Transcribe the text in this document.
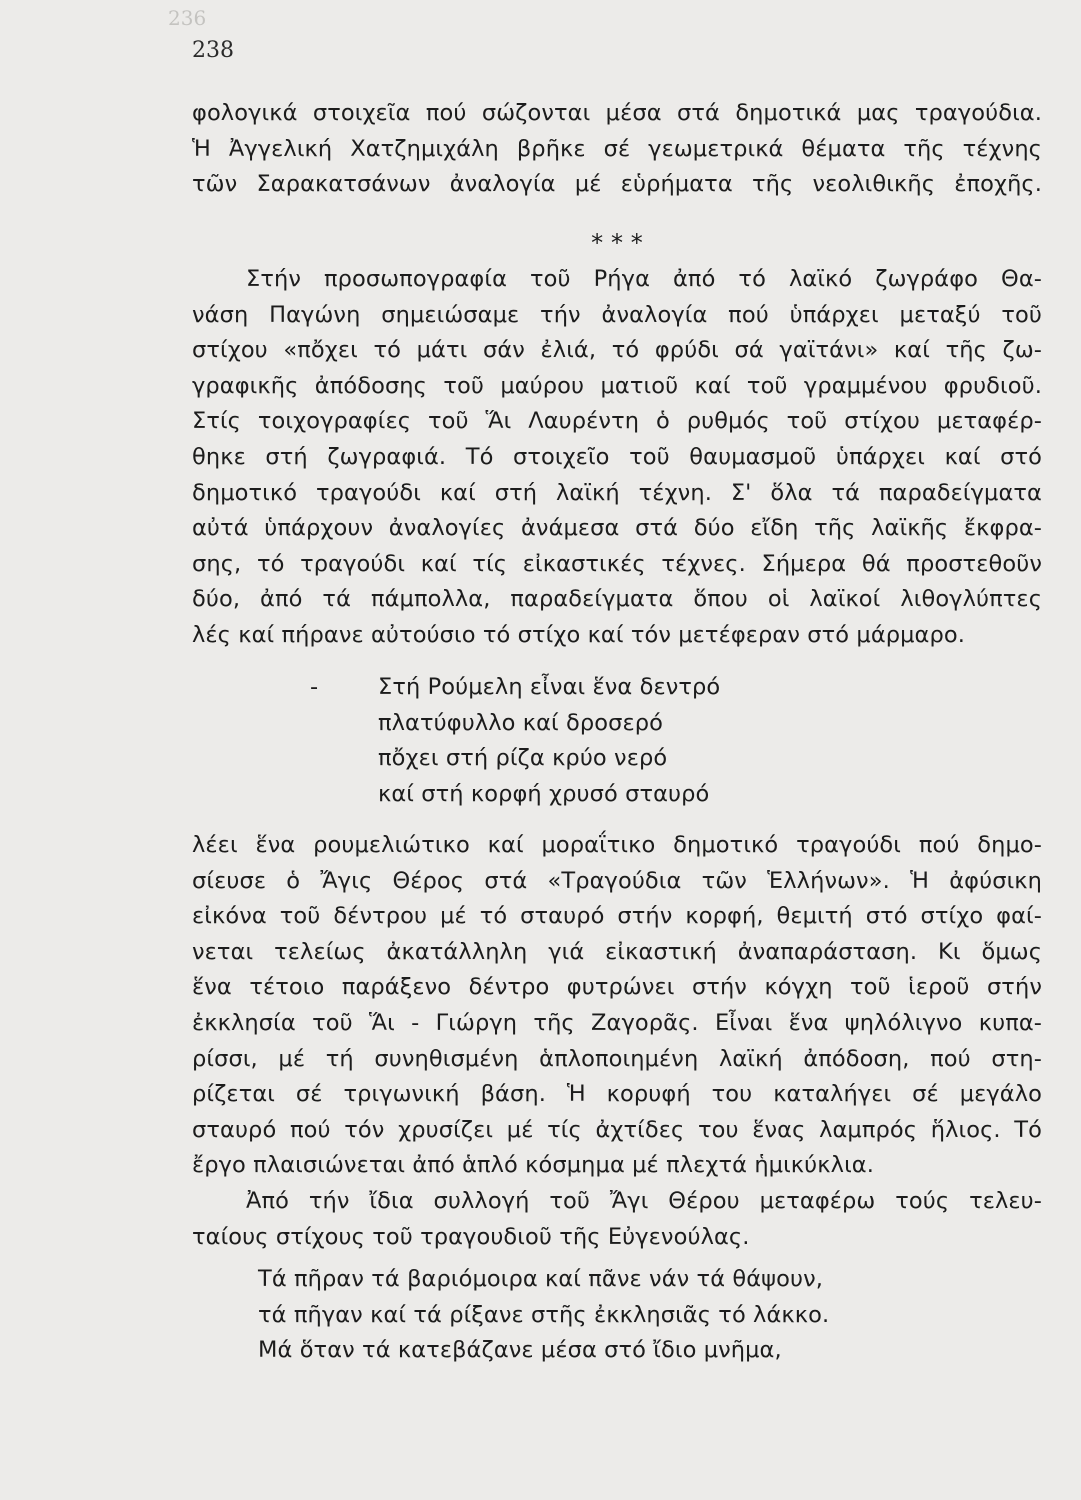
236
238
φολογικά στοιχεῖα πού σώζονται μέσα στά δημοτικά μας τραγούδια.
Ἡ Ἀγγελική Χατζημιχάλη βρῆκε σέ γεωμετρικά θέματα τῆς τέχνης
τῶν Σαρακατσάνων ἀναλογία μέ εὑρήματα τῆς νεολιθικῆς ἐποχῆς.
* * *
Στήν προσωπογραφία τοῦ Ρήγα ἀπό τό λαϊκό ζωγράφο Θα-
νάση Παγώνη σημειώσαμε τήν ἀναλογία πού ὑπάρχει μεταξύ τοῦ
στίχου «πὄχει τό μάτι σάν ἐλιά, τό φρύδι σά γαϊτάνι» καί τῆς ζω-
γραφικῆς ἀπόδοσης τοῦ μαύρου ματιοῦ καί τοῦ γραμμένου φρυδιοῦ.
Στίς τοιχογραφίες τοῦ Ἅι Λαυρέντη ὁ ρυθμός τοῦ στίχου μεταφέρ-
θηκε στή ζωγραφιά. Τό στοιχεῖο τοῦ θαυμασμοῦ ὑπάρχει καί στό
δημοτικό τραγούδι καί στή λαϊκή τέχνη. Σ' ὅλα τά παραδείγματα
αὐτά ὑπάρχουν ἀναλογίες ἀνάμεσα στά δύο εἴδη τῆς λαϊκῆς ἔκφρα-
σης, τό τραγούδι καί τίς εἰκαστικές τέχνες. Σήμερα θά προστεθοῦν
δύο, ἀπό τά πάμπολλα, παραδείγματα ὅπου οἱ λαϊκοί λιθογλύπτες
λές καί πήρανε αὐτούσιο τό στίχο καί τόν μετέφεραν στό μάρμαρο.
- Στή Ρούμελη εἶναι ἕνα δεντρό
πλατύφυλλο καί δροσερό
πὄχει στή ρίζα κρύο νερό
καί στή κορφή χρυσό σταυρό
λέει ἕνα ρουμελιώτικο καί μοραΐτικο δημοτικό τραγούδι πού δημο-
σίευσε ὁ Ἄγις Θέρος στά «Τραγούδια τῶν Ἑλλήνων». Ἡ ἀφύσικη
εἰκόνα τοῦ δέντρου μέ τό σταυρό στήν κορφή, θεμιτή στό στίχο φαί-
νεται τελείως ἀκατάλληλη γιά εἰκαστική ἀναπαράσταση. Κι ὅμως
ἕνα τέτοιο παράξενο δέντρο φυτρώνει στήν κόγχη τοῦ ἱεροῦ στήν
ἐκκλησία τοῦ Ἅι - Γιώργη τῆς Ζαγορᾶς. Εἶναι ἕνα ψηλόλιγνο κυπα-
ρίσσι, μέ τή συνηθισμένη ἁπλοποιημένη λαϊκή ἀπόδοση, πού στη-
ρίζεται σέ τριγωνική βάση. Ἡ κορυφή του καταλήγει σέ μεγάλο
σταυρό πού τόν χρυσίζει μέ τίς ἀχτίδες του ἕνας λαμπρός ἥλιος. Τό
ἔργο πλαισιώνεται ἀπό ἁπλό κόσμημα μέ πλεχτά ἡμικύκλια.
Ἀπό τήν ἴδια συλλογή τοῦ Ἄγι Θέρου μεταφέρω τούς τελευ-
ταίους στίχους τοῦ τραγουδιοῦ τῆς Εὐγενούλας.
Τά πῆραν τά βαριόμοιρα καί πᾶνε νάν τά θάψουν,
τά πῆγαν καί τά ρίξανε στῆς ἐκκλησιᾶς τό λάκκο.
Μά ὅταν τά κατεβάζανε μέσα στό ἴδιο μνῆμα,
